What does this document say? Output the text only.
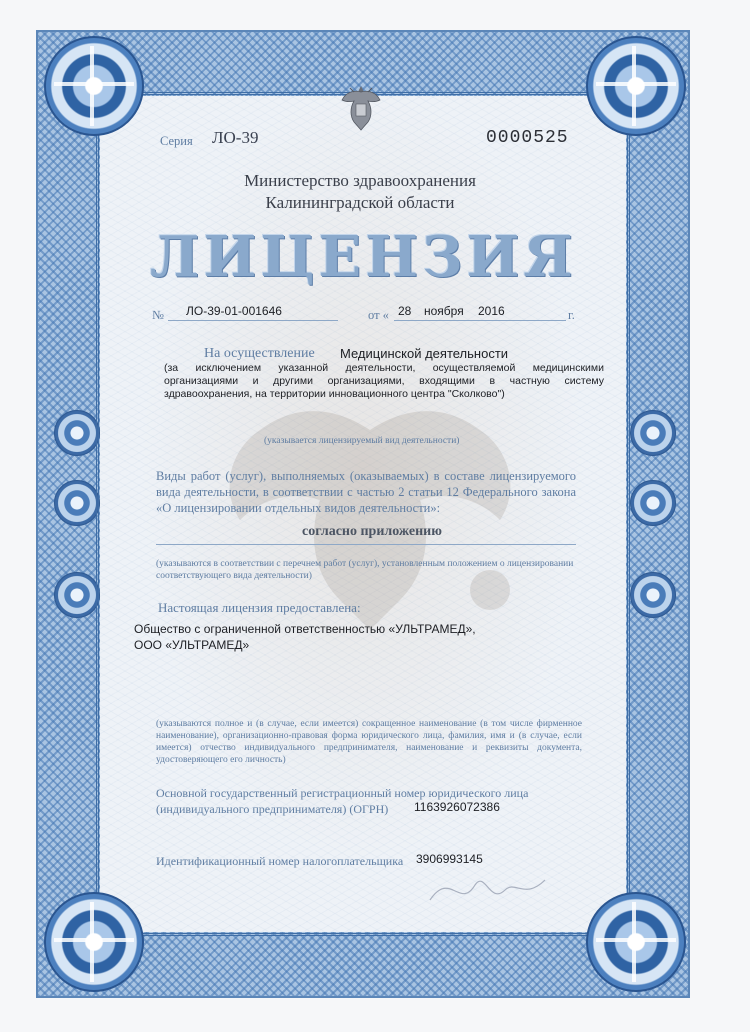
Серия ЛО-39	0000525
Министерство здравоохранения
Калининградской области
ЛИЦЕНЗИЯ
№ ЛО-39-01-001646	от « 28 ноября 2016	г.
На осуществление Медицинской деятельности
(за исключением указанной деятельности, осуществляемой медицинскими организациями и другими организациями, входящими в частную систему здравоохранения, на территории инновационного центра "Сколково")
(указывается лицензируемый вид деятельности)
Виды работ (услуг), выполняемых (оказываемых) в составе лицензируемого вида деятельности, в соответствии с частью 2 статьи 12 Федерального закона «О лицензировании отдельных видов деятельности»:
согласно приложению
(указываются в соответствии с перечнем работ (услуг), установленным положением о лицензировании соответствующего вида деятельности)
Настоящая лицензия предоставлена:
Общество с ограниченной ответственностью «УЛЬТРАМЕД»,
ООО «УЛЬТРАМЕД»
(указываются полное и (в случае, если имеется) сокращенное наименование (в том числе фирменное наименование), организационно-правовая форма юридического лица, фамилия, имя и (в случае, если имеется) отчество индивидуального предпринимателя, наименование и реквизиты документа, удостоверяющего его личность)
Основной государственный регистрационный номер юридического лица
(индивидуального предпринимателя) (ОГРН) 1163926072386
Идентификационный номер налогоплательщика 3906993145
